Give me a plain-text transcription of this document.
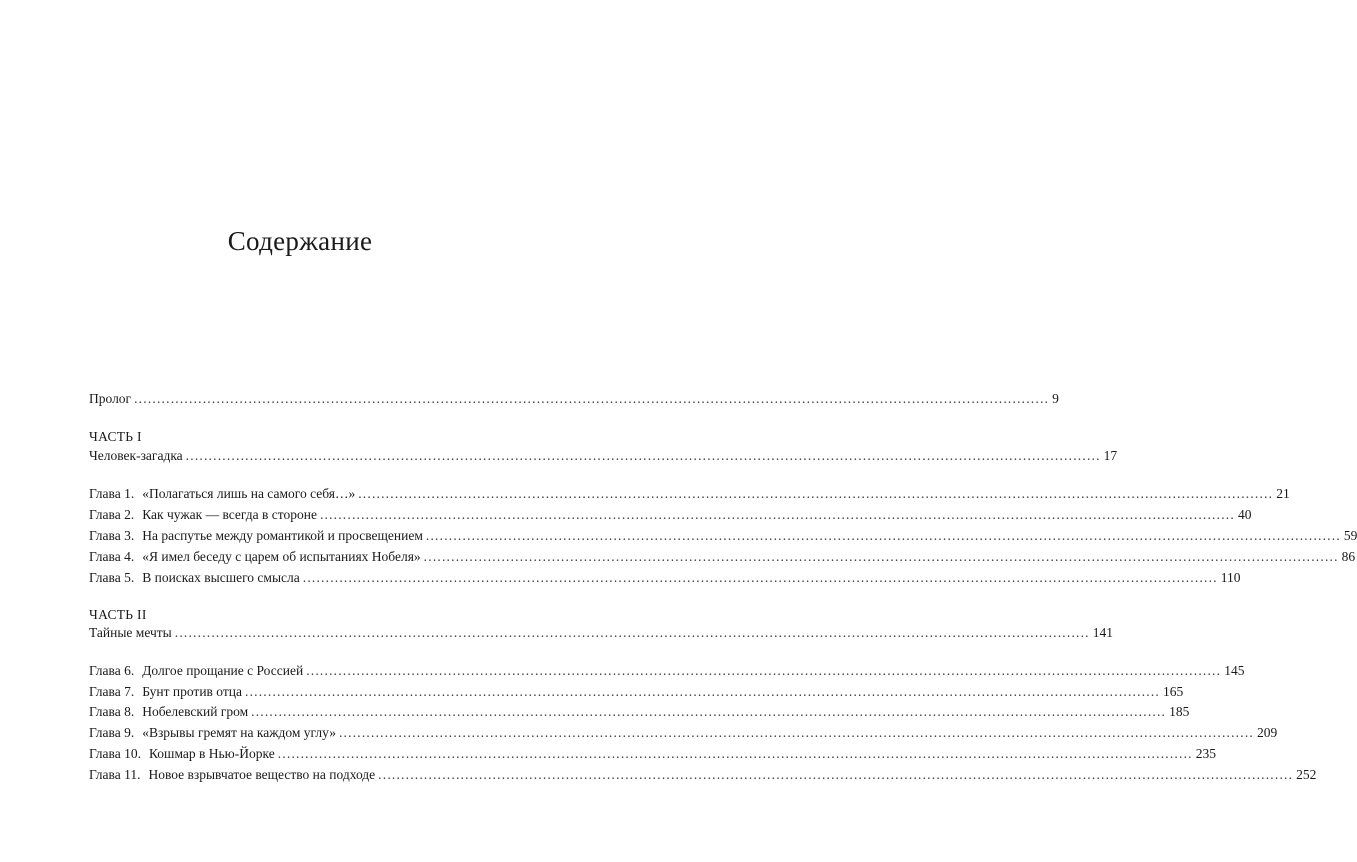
Содержание
Пролог ........................................................................................................................................................................................................ 9
ЧАСТЬ I
Человек-загадка ........................................................................................................................................................................................................ 17
Глава 1. «Полагаться лишь на самого себя…» ........................................................................................................................................................................................................ 21
Глава 2. Как чужак — всегда в стороне ........................................................................................................................................................................................................ 40
Глава 3. На распутье между романтикой и просвещением ........................................................................................................................................................................................................ 59
Глава 4. «Я имел беседу с царем об испытаниях Нобеля» ........................................................................................................................................................................................................ 86
Глава 5. В поисках высшего смысла ........................................................................................................................................................................................................ 110
ЧАСТЬ II
Тайные мечты ........................................................................................................................................................................................................ 141
Глава 6. Долгое прощание с Россией ........................................................................................................................................................................................................ 145
Глава 7. Бунт против отца ........................................................................................................................................................................................................ 165
Глава 8. Нобелевский гром ........................................................................................................................................................................................................ 185
Глава 9. «Взрывы гремят на каждом углу» ........................................................................................................................................................................................................ 209
Глава 10. Кошмар в Нью-Йорке ........................................................................................................................................................................................................ 235
Глава 11. Новое взрывчатое вещество на подходе ........................................................................................................................................................................................................ 252
